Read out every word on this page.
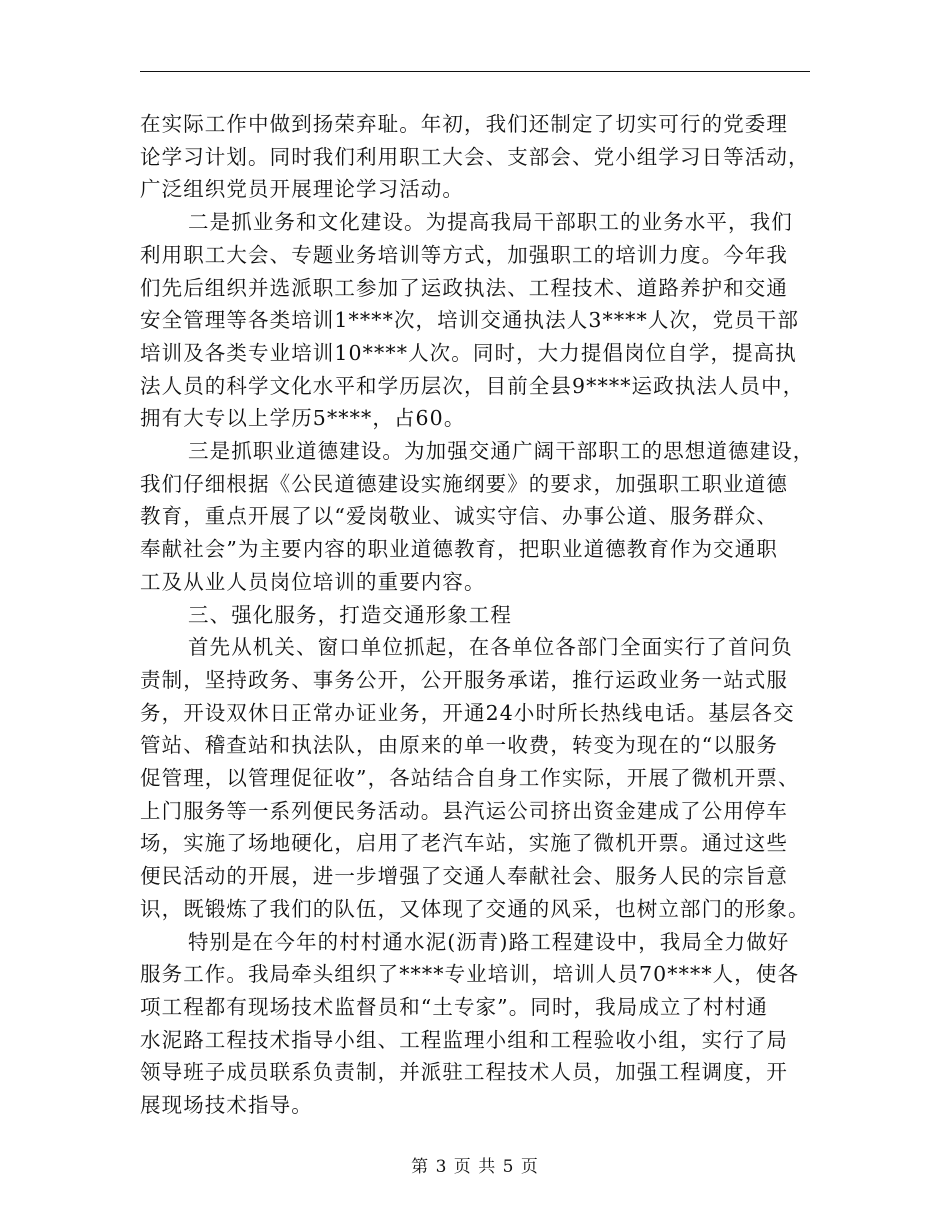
在实际工作中做到扬荣弃耻。年初，我们还制定了切实可行的党委理
论学习计划。同时我们利用职工大会、支部会、党小组学习日等活动，
广泛组织党员开展理论学习活动。
二是抓业务和文化建设。为提高我局干部职工的业务水平，我们
利用职工大会、专题业务培训等方式，加强职工的培训力度。今年我
们先后组织并选派职工参加了运政执法、工程技术、道路养护和交通
安全管理等各类培训1****次，培训交通执法人3****人次，党员干部
培训及各类专业培训10****人次。同时，大力提倡岗位自学，提高执
法人员的科学文化水平和学历层次，目前全县9****运政执法人员中，
拥有大专以上学历5****，占60。
三是抓职业道德建设。为加强交通广阔干部职工的思想道德建设，
我们仔细根据《公民道德建设实施纲要》的要求，加强职工职业道德
教育，重点开展了以“爱岗敬业、诚实守信、办事公道、服务群众、
奉献社会”为主要内容的职业道德教育，把职业道德教育作为交通职
工及从业人员岗位培训的重要内容。
三、强化服务，打造交通形象工程
首先从机关、窗口单位抓起，在各单位各部门全面实行了首问负
责制，坚持政务、事务公开，公开服务承诺，推行运政业务一站式服
务，开设双休日正常办证业务，开通24小时所长热线电话。基层各交
管站、稽查站和执法队，由原来的单一收费，转变为现在的“以服务
促管理，以管理促征收”，各站结合自身工作实际，开展了微机开票、
上门服务等一系列便民务活动。县汽运公司挤出资金建成了公用停车
场，实施了场地硬化，启用了老汽车站，实施了微机开票。通过这些
便民活动的开展，进一步增强了交通人奉献社会、服务人民的宗旨意
识，既锻炼了我们的队伍，又体现了交通的风采，也树立部门的形象。
特别是在今年的村村通水泥(沥青)路工程建设中，我局全力做好
服务工作。我局牵头组织了****专业培训，培训人员70****人，使各
项工程都有现场技术监督员和“土专家”。同时，我局成立了村村通
水泥路工程技术指导小组、工程监理小组和工程验收小组，实行了局
领导班子成员联系负责制，并派驻工程技术人员，加强工程调度，开
展现场技术指导。
第 3 页 共 5 页
